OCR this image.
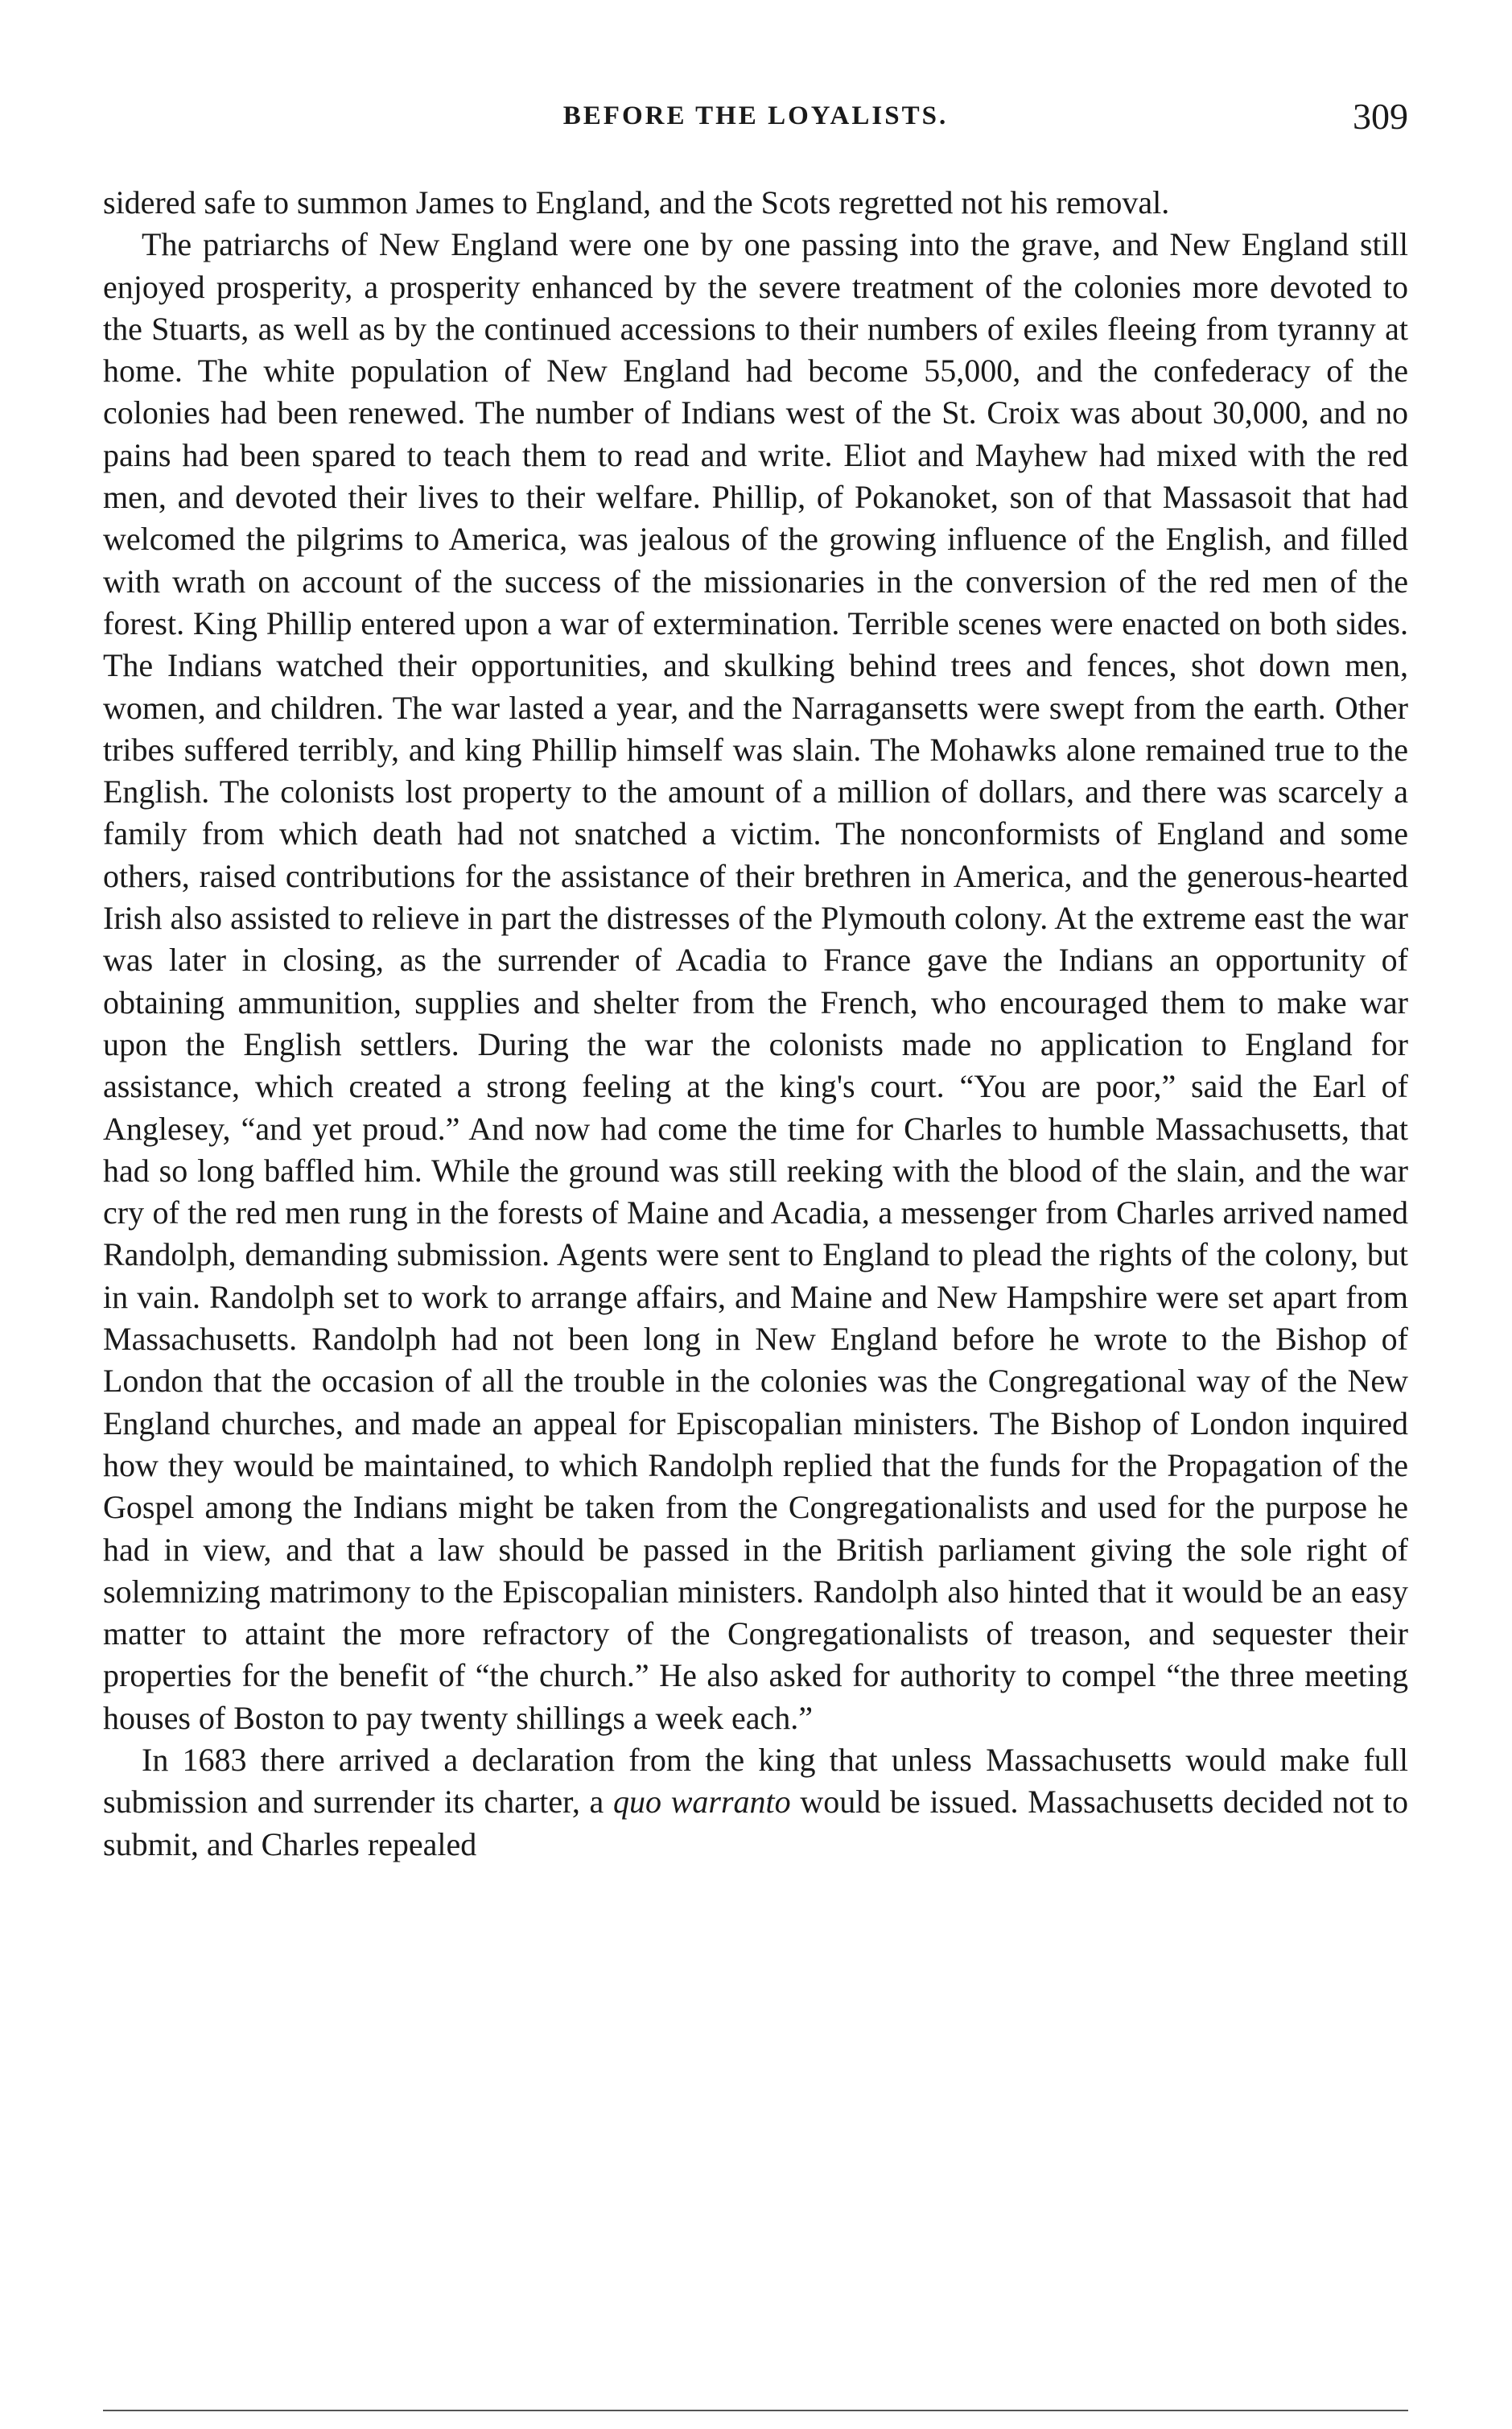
BEFORE THE LOYALISTS.	309

sidered safe to summon James to England, and the Scots regretted not his removal.

The patriarchs of New England were one by one passing into the grave, and New England still enjoyed prosperity, a prosperity enhanced by the severe treatment of the colonies more devoted to the Stuarts, as well as by the continued accessions to their numbers of exiles fleeing from tyranny at home. The white population of New England had become 55,000, and the confederacy of the colonies had been renewed. The number of Indians west of the St. Croix was about 30,000, and no pains had been spared to teach them to read and write. Eliot and Mayhew had mixed with the red men, and devoted their lives to their welfare. Phillip, of Pokanoket, son of that Massasoit that had welcomed the pilgrims to America, was jealous of the growing influence of the English, and filled with wrath on account of the success of the missionaries in the conversion of the red men of the forest. King Phillip entered upon a war of extermination. Terrible scenes were enacted on both sides. The Indians watched their opportunities, and skulking behind trees and fences, shot down men, women, and children. The war lasted a year, and the Narragansetts were swept from the earth. Other tribes suffered terribly, and king Phillip himself was slain. The Mohawks alone remained true to the English. The colonists lost property to the amount of a million of dollars, and there was scarcely a family from which death had not snatched a victim. The nonconformists of England and some others, raised contributions for the assistance of their brethren in America, and the generous-hearted Irish also assisted to relieve in part the distresses of the Plymouth colony. At the extreme east the war was later in closing, as the surrender of Acadia to France gave the Indians an opportunity of obtaining ammunition, supplies and shelter from the French, who encouraged them to make war upon the English settlers. During the war the colonists made no application to England for assistance, which created a strong feeling at the king's court. “You are poor,” said the Earl of Anglesey, “and yet proud.” And now had come the time for Charles to humble Massachusetts, that had so long baffled him. While the ground was still reeking with the blood of the slain, and the war cry of the red men rung in the forests of Maine and Acadia, a messenger from Charles arrived named Randolph, demanding submission. Agents were sent to England to plead the rights of the colony, but in vain. Randolph set to work to arrange affairs, and Maine and New Hampshire were set apart from Massachusetts. Randolph had not been long in New England before he wrote to the Bishop of London that the occasion of all the trouble in the colonies was the Congregational way of the New England churches, and made an appeal for Episcopalian ministers. The Bishop of London inquired how they would be maintained, to which Randolph replied that the funds for the Propagation of the Gospel among the Indians might be taken from the Congregationalists and used for the purpose he had in view, and that a law should be passed in the British parliament giving the sole right of solemnizing matrimony to the Episcopalian ministers. Randolph also hinted that it would be an easy matter to attaint the more refractory of the Congregationalists of treason, and sequester their properties for the benefit of “the church.” He also asked for authority to compel “the three meeting houses of Boston to pay twenty shillings a week each.”

In 1683 there arrived a declaration from the king that unless Massachusetts would make full submission and surrender its charter, a quo warranto would be issued. Massachusetts decided not to submit, and Charles repealed
